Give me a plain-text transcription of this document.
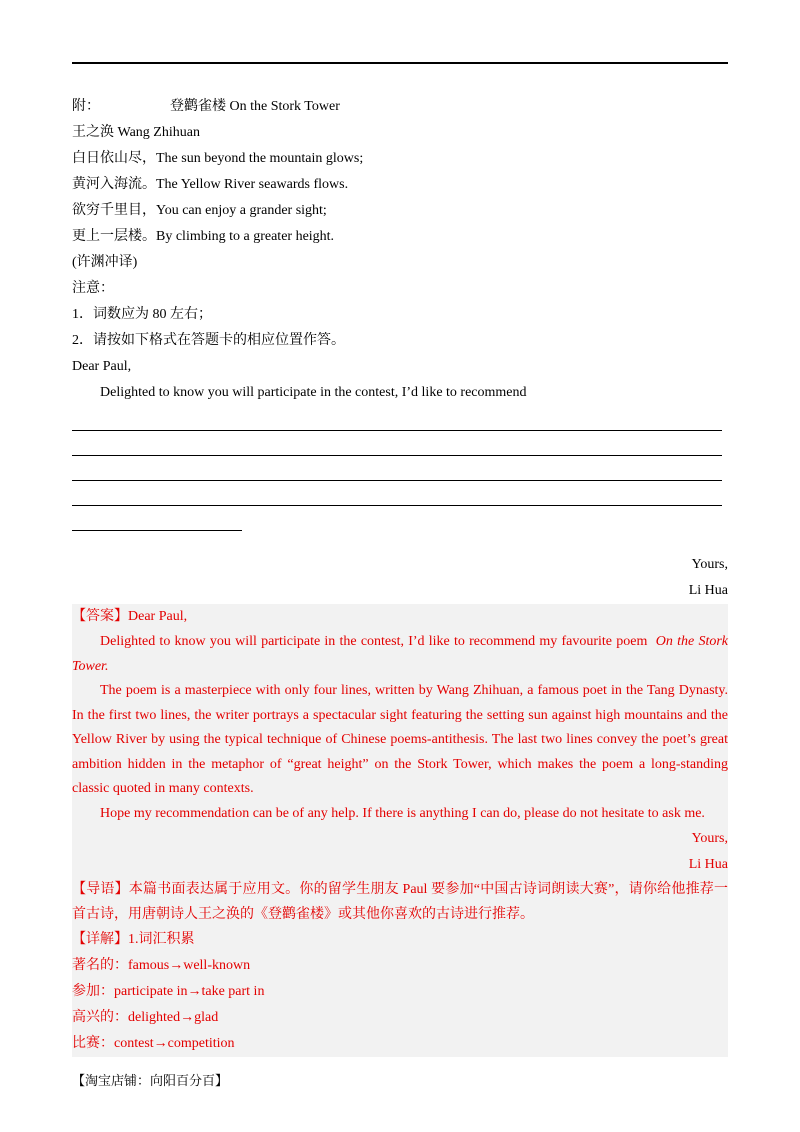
附：	登鹳雀楼 On the Stork Tower
王之涣 Wang Zhihuan
白日依山尽，The sun beyond the mountain glows;
黄河入海流。The Yellow River seawards flows.
欲穷千里目，You can enjoy a grander sight;
更上一层楼。By climbing to a greater height.
(许渊冲译)
注意：
1．词数应为 80 左右；
2．请按如下格式在答题卡的相应位置作答。
Dear Paul,
Delighted to know you will participate in the contest, I’d like to recommend
Yours,
Li Hua
【答案】Dear Paul,

Delighted to know you will participate in the contest, I’d like to recommend my favourite poem On the Stork Tower.

The poem is a masterpiece with only four lines, written by Wang Zhihuan, a famous poet in the Tang Dynasty. In the first two lines, the writer portrays a spectacular sight featuring the setting sun against high mountains and the Yellow River by using the typical technique of Chinese poems-antithesis. The last two lines convey the poet’s great ambition hidden in the metaphor of “great height” on the Stork Tower, which makes the poem a long-standing classic quoted in many contexts.

Hope my recommendation can be of any help. If there is anything I can do, please do not hesitate to ask me.

Yours,
Li Hua

【导语】本篇书面表达属于应用文。你的留学生朋友 Paul 要参加“中国古诗词朗读大赛”，请你给他推荐一首古诗，用唐朝诗人王之涣的《登鹳雀楼》或其他你喜欢的古诗进行推荐。

【详解】1.词汇积累
著名的：famous→well-known
参加：participate in→take part in
高兴的：delighted→glad
比赛：contest→competition
【淘宝店铺：向阳百分百】
